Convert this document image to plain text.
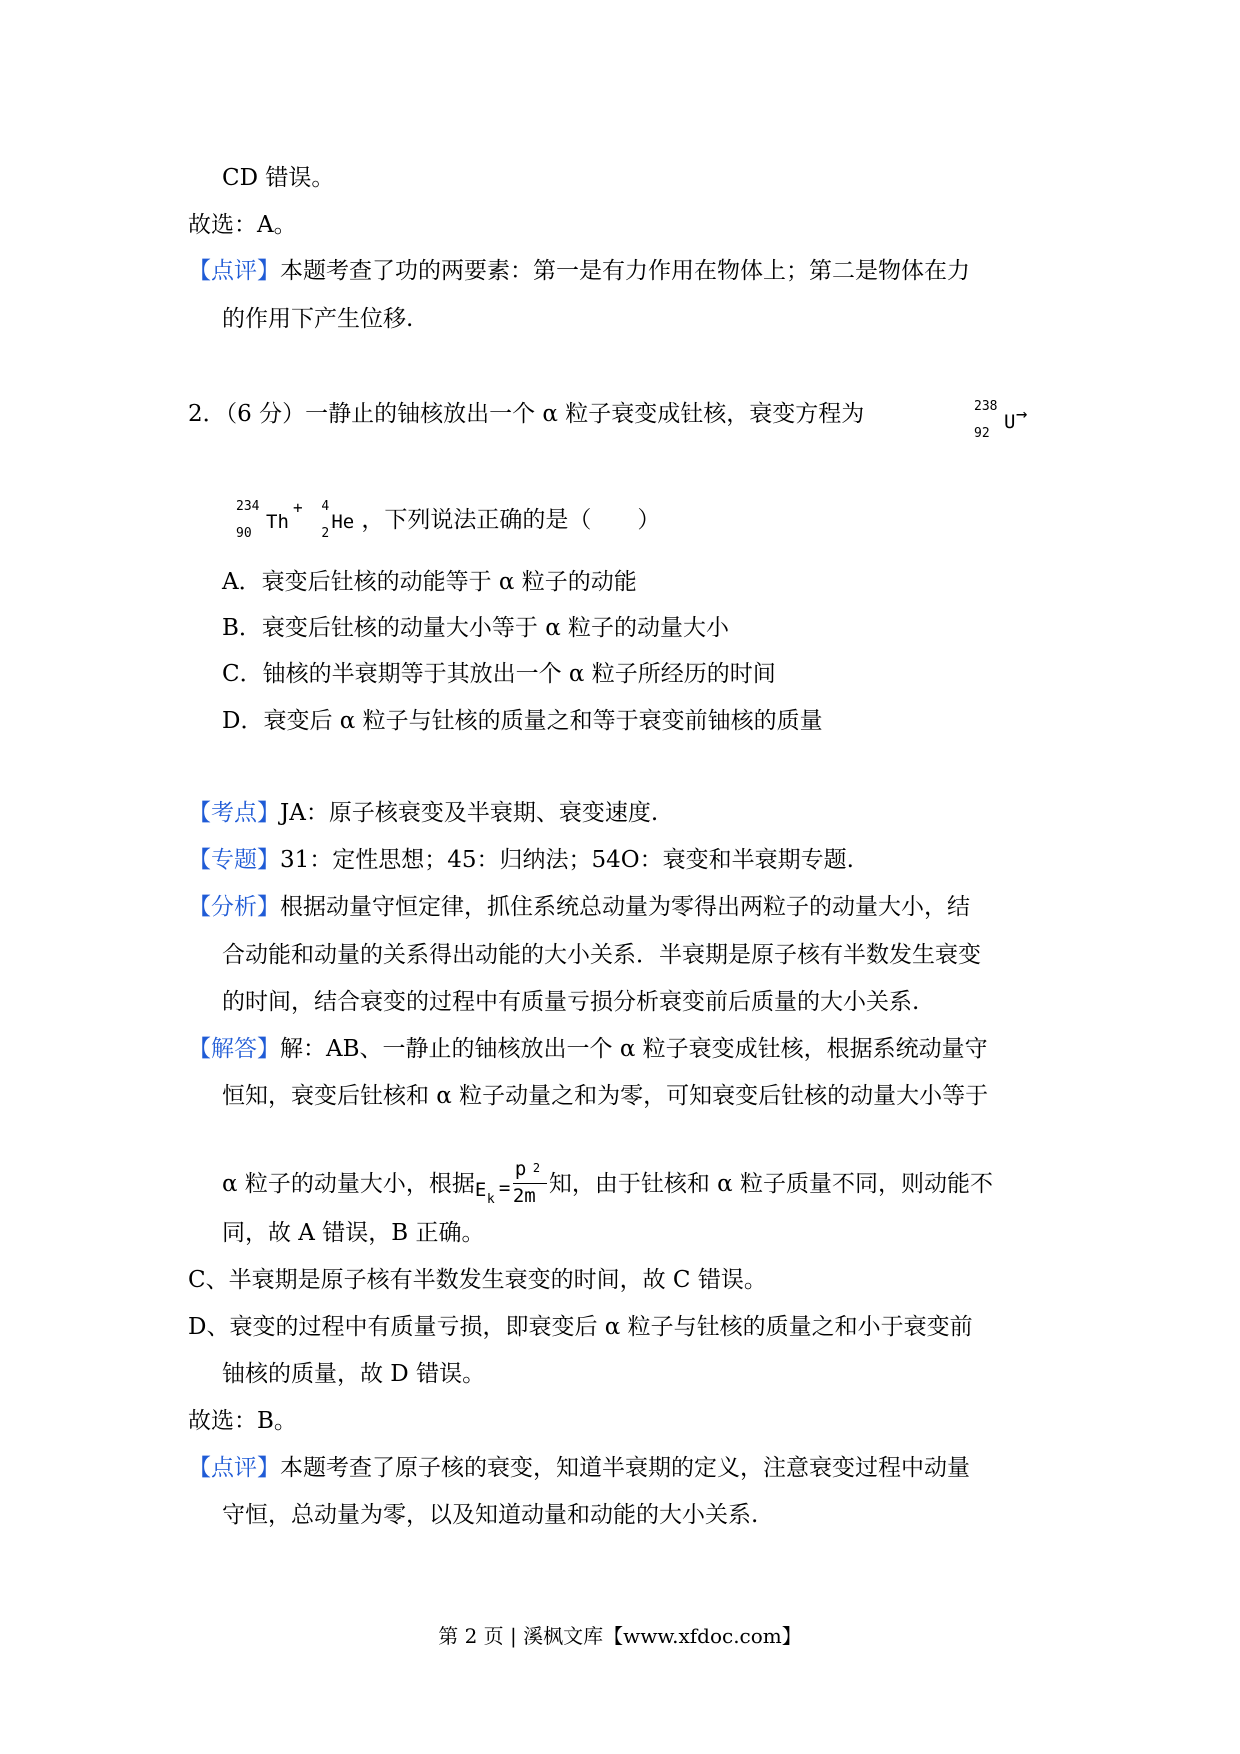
CD 错误。
故选：A。
【点评】本题考查了功的两要素：第一是有力作用在物体上；第二是物体在力
的作用下产生位移.
2．（6 分）一静止的铀核放出一个 α 粒子衰变成钍核，衰变方程为	238
92
U →
234
90
Th
+
4
2
He ，下列说法正确的是（　　）
A．衰变后钍核的动能等于 α 粒子的动能
B．衰变后钍核的动量大小等于 α 粒子的动量大小
C．铀核的半衰期等于其放出一个 α 粒子所经历的时间
D．衰变后 α 粒子与钍核的质量之和等于衰变前铀核的质量
【考点】JA：原子核衰变及半衰期、衰变速度.
【专题】31：定性思想；45：归纳法；54O：衰变和半衰期专题.
【分析】根据动量守恒定律，抓住系统总动量为零得出两粒子的动量大小，结
合动能和动量的关系得出动能的大小关系．半衰期是原子核有半数发生衰变
的时间，结合衰变的过程中有质量亏损分析衰变前后质量的大小关系.
【解答】解：AB、一静止的铀核放出一个 α 粒子衰变成钍核，根据系统动量守
恒知，衰变后钍核和 α 粒子动量之和为零，可知衰变后钍核的动量大小等于
α 粒子的动量大小，根据 E k
=
p 2
2m 知，由于钍核和 α 粒子质量不同，则动能不
同，故 A 错误，B 正确。
C、半衰期是原子核有半数发生衰变的时间，故 C 错误。
D、衰变的过程中有质量亏损，即衰变后 α 粒子与钍核的质量之和小于衰变前
铀核的质量，故 D 错误。
故选：B。
【点评】本题考查了原子核的衰变，知道半衰期的定义，注意衰变过程中动量
守恒，总动量为零，以及知道动量和动能的大小关系.
第 2 页 | 溪枫文库【www.xfdoc.com】
